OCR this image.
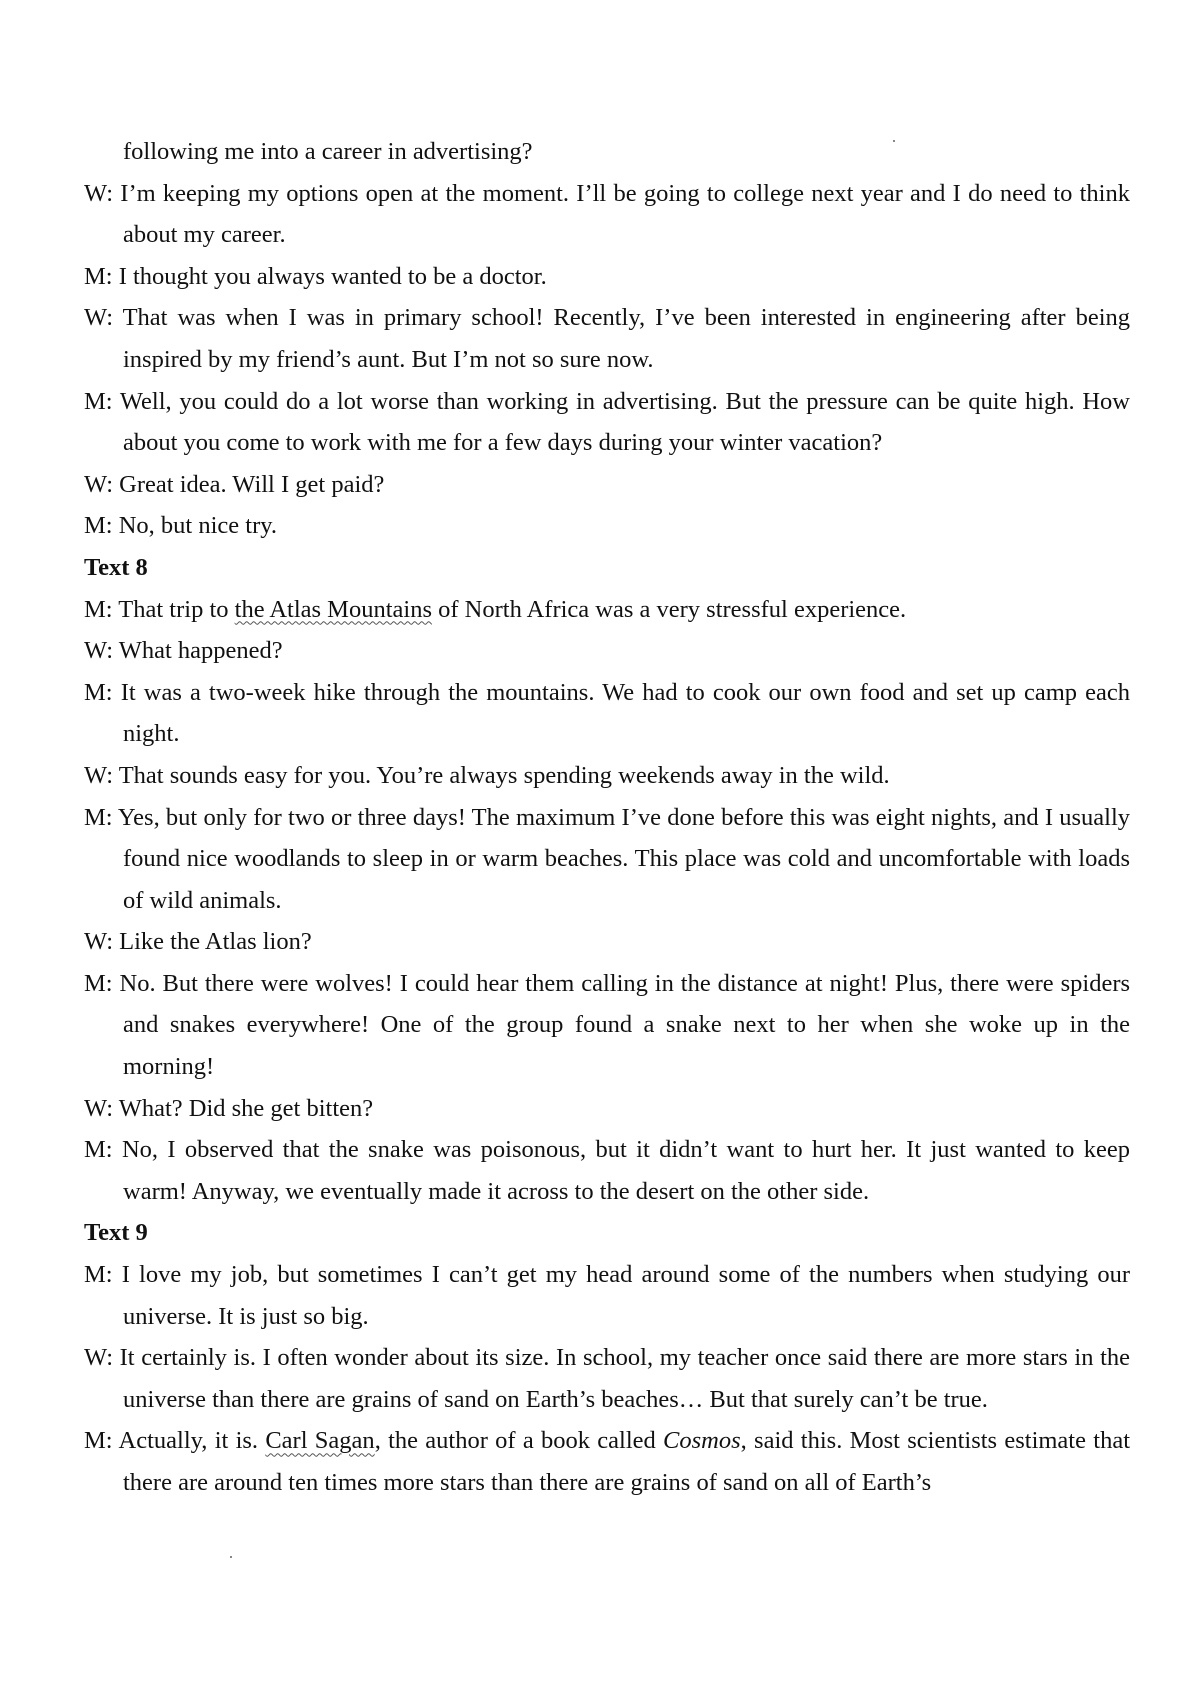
following me into a career in advertising?

W: I’m keeping my options open at the moment. I’ll be going to college next year and I do need to think about my career.

M: I thought you always wanted to be a doctor.

W: That was when I was in primary school! Recently, I’ve been interested in engineering after being inspired by my friend’s aunt. But I’m not so sure now.

M: Well, you could do a lot worse than working in advertising. But the pressure can be quite high. How about you come to work with me for a few days during your winter vacation?

W: Great idea. Will I get paid?

M: No, but nice try.

Text 8

M: That trip to the Atlas Mountains of North Africa was a very stressful experience.

W: What happened?

M: It was a two-week hike through the mountains. We had to cook our own food and set up camp each night.

W: That sounds easy for you. You’re always spending weekends away in the wild.

M: Yes, but only for two or three days! The maximum I’ve done before this was eight nights, and I usually found nice woodlands to sleep in or warm beaches. This place was cold and uncomfortable with loads of wild animals.

W: Like the Atlas lion?

M: No. But there were wolves! I could hear them calling in the distance at night! Plus, there were spiders and snakes everywhere! One of the group found a snake next to her when she woke up in the morning!

W: What? Did she get bitten?

M: No, I observed that the snake was poisonous, but it didn’t want to hurt her. It just wanted to keep warm! Anyway, we eventually made it across to the desert on the other side.

Text 9

M: I love my job, but sometimes I can’t get my head around some of the numbers when studying our universe. It is just so big.

W: It certainly is. I often wonder about its size. In school, my teacher once said there are more stars in the universe than there are grains of sand on Earth’s beaches… But that surely can’t be true.

M: Actually, it is. Carl Sagan, the author of a book called Cosmos, said this. Most scientists estimate that there are around ten times more stars than there are grains of sand on all of Earth’s
